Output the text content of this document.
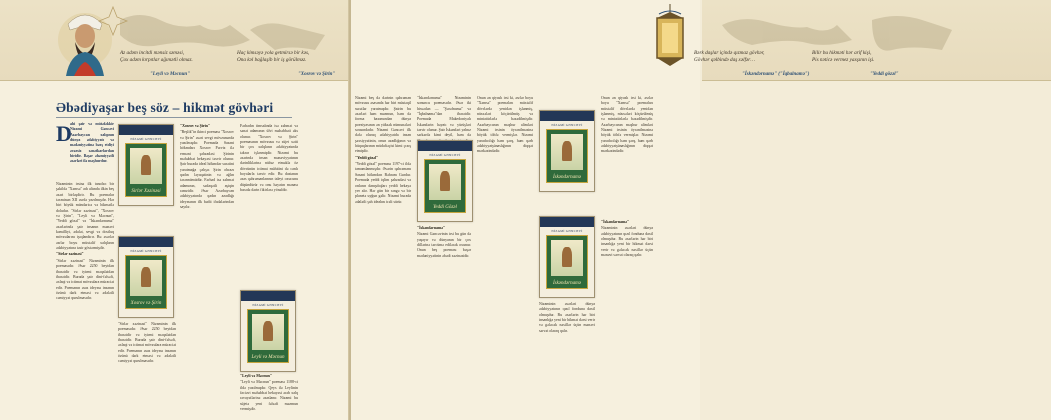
Az adəm incitdi mənsiz səməsi,
Çox adəm kırpıtlar ağımətli olmaz.
"Leyli və Məcnun"
Haç kimsəyə yola getmirsə bir kəs,
Ona kəl bağlaşib bir iş görülməz.
"Xosrov və Şirin"
Əbədiyaşar beş söz – hikmət gövhəri
D
ahi şair və mütəfəkkir Nizami Gəncəvi Azərbaycan xalqının dünya ədəbiyyatı və mədəniyyətinə bəxş etdiyi əvəzsiz sənətkarlardan biridir. Bəşər əhəmiyyətli əsərləri ilə məşhurdur.

Nizaminin irsinə ilk tanıdıcı bir şəkildə "Xəmsə" adı altında ilkin beş əsəri birləşdirir. Bu poemalar təxminən XII əsrdə yazılmışdır. Hər biri böyük mündəricə və hikmətlə doludur. "Sirlər xəzinəsi", "Xosrov və Şirin", "Leyli və Məcnun", "Yeddi gözəl" və "İskəndərnamə" əsərlərində şair insanın mənəvi kamilliyi, ədalət, sevgi və dostluq mövzularını işıqlandırır. Bu əsərlər əsrlər boyu müxtəlif xalqların ədəbiyyatına təsir göstərmişdir.

"Sirlər xəzinəsi"

"Sirlər xəzinəsi" Nizaminin ilk poemasıdır. Əsər 2250 beytdən ibarətdir və iyirmi məqalətdən ibarətdir. Burada şair dini-fəlsəfi, əxlaqi və ictimai mövzulara müraciət edir. Poemanın əsas ideyası insanın özünü dərk etməsi və ədalətli cəmiyyət qurulmasıdır.

NİZAMİ GƏNCƏVİ
Sirlər Xəzinəsi
NİZAMİ GƏNCƏVİ
Xosrov və Şirin

"Sirlər xəzinəsi" Nizaminin ilk poemasıdır. Əsər 2250 beytdən ibarətdir və iyirmi məqalətdən ibarətdir. Burada şair dini-fəlsəfi, əxlaqi və ictimai mövzulara müraciət edir. Poemanın əsas ideyası insanın özünü dərk etməsi və ədalətli cəmiyyət qurulmasıdır.

"Xosrov və Şirin"

"Beşlik"in ikinci poeması "Xosrov və Şirin" əsəri sevgi mövzusunda yazılmışdır. Poemada Sasani hökmdarı Xosrov Pərviz ilə erməni şahzadəsi Şirinin məhəbbət hekayəsi təsvir olunur. Şair burada ideal hökmdar surətini yaratmağa çalışır. Şirin obrazı qadın ləyaqətinin və ağlın tərənnümüdür. Fərhad isə zəhmət adamının, sədaqətli aşiqin rəmzidir. Əsər Azərbaycan ədəbiyyatında qadın azadlığı ideyasının ilk bədii ifadələrindən sayılır.

Fərhadın timsalında isə zəhmət və sənət adamının ülvi məhəbbəti əks olunur. "Xosrov və Şirin" poemasının mövzusu və süjet xətti bir çox xalqların ədəbiyyatında təkrar işlənmişdir. Nizami bu əsərində insan mənəviyyatının dərinliklərinə nüfuz etməklə öz dövrünün ictimai mühitini də canlı boyalarla təsvir edir. Bu dastanın əsas qəhrəmanlarının taleyi oxucunu düşündürür və onu həyatın mənası barədə dərin fikirlərə yönəldir.

NİZAMİ GƏNCƏVİ
Leyli və Məcnun

"Leyli və Məcnun"

"Leyli və Məcnun" poeması 1188-ci ildə yazılmışdır. Qeys ilə Leylinin faciəvi məhəbbət hekayəsi ərəb xalq rəvayətlərinə əsaslanır. Nizami bu süjetə yeni fəlsəfi məzmun vermişdir.

Bərk daşlar içində qızmaz gövhər,
Gövhər qəlbində daş xəlfər…
"İskəndərnamə" ("İqbalnamə")
Bilir bu hikməti hər arif kişi,
Pis nəticə vermez yaxşının işi.
"Yeddi gözəl"

Nizami beş də dərinin qəhrəman mövzusu əsasında hər biri müstəqil surətlər yaratmışdır. Şairin bu əsərləri həm məzmun, həm də forma baxımından dünya poeziyasının ən yüksək nümunələri sırasındadır. Nizami Gəncəvi ilk dəfə olaraq ədəbiyyatda insan şəxsiyyətinin, onun azadlığının və hüquqlarının müdafiəçisi kimi çıxış etmişdir.

"Yeddi gözəl"

"Yeddi gözəl" poeması 1197-ci ildə tamamlanmışdır. Əsərin qəhrəmanı Sasani hökmdarı Bəhram Gurdur. Poemada yeddi iqlim şahzadəsi və onların danışdıqları yeddi hekayə yer alır. Hər gün bir rəngə və bir planetə uyğun gəlir. Nizami burada ədalətli şah idealını irəli sürür.

"İskəndərnamə" Nizaminin sonuncu poemasıdır. Əsər iki hissədən — "Şərəfnamə" və "İqbalnamə"dən ibarətdir. Poemada Makedoniyalı İskəndərin həyatı və yürüşləri təsvir olunur. Şair İskəndəri yalnız sərkərdə kimi deyil, həm də

NİZAMİ GƏNCƏVİ
Yeddi Gözəl

"İskəndərnamə"

Nizami Gəncəvinin irsi bu gün də yaşayır və dünyanın bir çox dillərinə tərcümə edilərək oxunur. Onun beş poeması bəşər mədəniyyətinin əbədi xəzinəsidir.

Onun ən qiyaslı irsi ki, əsrlər boyu "Xəmsə" poemaları müxtəlif dövrlərdə yenidən işlənmiş, nüsxələri köçürülmüş və miniatürlərlə bəzədilmişdir. Azərbaycanın məşhur alimləri Nizami irsinin öyrənilməsinə böyük töhfə vermişlər. Nizami yaradıcılığı həm şərq, həm qərb ədəbiyyatşünaslığının diqqət mərkəzindədir.

NİZAMİ GƏNCƏVİ
İskəndərnamə
NİZAMİ GƏNCƏVİ
İskəndərnamə

Nizaminin əsərləri dünya ədəbiyyatının qızıl fonduna daxil olmuşdur. Bu əsərlərin hər biri insanlığa yeni bir hikmət dərsi verir və gələcək nəsillər üçün mənəvi sərvət olaraq qalır.

Onun ən qiyaslı irsi ki, əsrlər boyu "Xəmsə" poemaları müxtəlif dövrlərdə yenidən işlənmiş, nüsxələri köçürülmüş və miniatürlərlə bəzədilmişdir. Azərbaycanın məşhur alimləri Nizami irsinin öyrənilməsinə böyük töhfə vermişlər. Nizami yaradıcılığı həm şərq, həm qərb ədəbiyyatşünaslığının diqqət mərkəzindədir.

"İskəndərnamə"

Nizaminin əsərləri dünya ədəbiyyatının qızıl fonduna daxil olmuşdur. Bu əsərlərin hər biri insanlığa yeni bir hikmət dərsi verir və gələcək nəsillər üçün mənəvi sərvət olaraq qalır.
